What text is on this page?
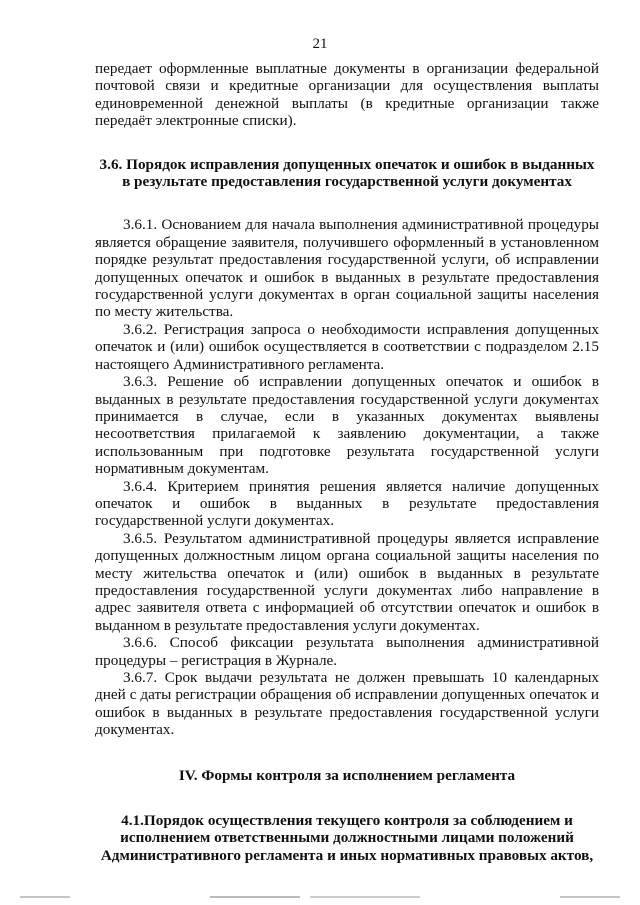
21

передает оформленные выплатные документы в организации федеральной почтовой связи и кредитные организации для осуществления выплаты единовременной денежной выплаты (в кредитные организации также передаёт электронные списки).

3.6. Порядок исправления допущенных опечаток и ошибок в выданных в результате предоставления государственной услуги документах

3.6.1. Основанием для начала выполнения административной процедуры является обращение заявителя, получившего оформленный в установленном порядке результат предоставления государственной услуги, об исправлении допущенных опечаток и ошибок в выданных в результате предоставления государственной услуги документах в орган социальной защиты населения по месту жительства.

3.6.2. Регистрация запроса о необходимости исправления допущенных опечаток и (или) ошибок осуществляется в соответствии с подразделом 2.15 настоящего Административного регламента.

3.6.3. Решение об исправлении допущенных опечаток и ошибок в выданных в результате предоставления государственной услуги документах принимается в случае, если в указанных документах выявлены несоответствия прилагаемой к заявлению документации, а также использованным при подготовке результата государственной услуги нормативным документам.

3.6.4. Критерием принятия решения является наличие допущенных опечаток и ошибок в выданных в результате предоставления государственной услуги документах.

3.6.5. Результатом административной процедуры является исправление допущенных должностным лицом органа социальной защиты населения по месту жительства опечаток и (или) ошибок в выданных в результате предоставления государственной услуги документах либо направление в адрес заявителя ответа с информацией об отсутствии опечаток и ошибок в выданном в результате предоставления услуги документах.

3.6.6. Способ фиксации результата выполнения административной процедуры – регистрация в Журнале.

3.6.7. Срок выдачи результата не должен превышать 10 календарных дней с даты регистрации обращения об исправлении допущенных опечаток и ошибок в выданных в результате предоставления государственной услуги документах.

IV. Формы контроля за исполнением регламента

4.1.Порядок осуществления текущего контроля за соблюдением и исполнением ответственными должностными лицами положений Административного регламента и иных нормативных правовых актов,
